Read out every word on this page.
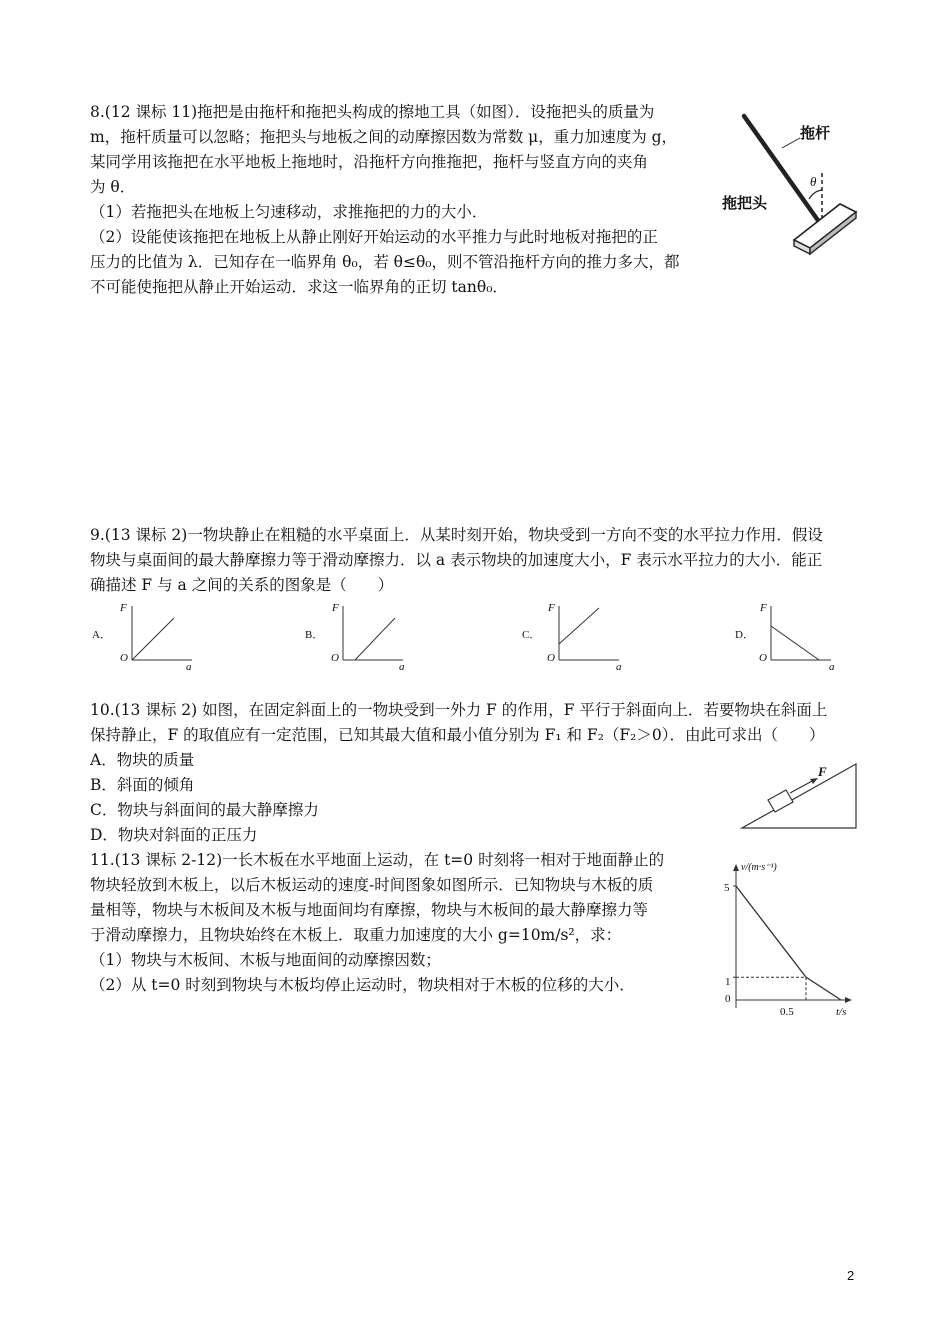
8.(12 课标 11)拖把是由拖杆和拖把头构成的擦地工具（如图）．设拖把头的质量为

m，拖杆质量可以忽略；拖把头与地板之间的动摩擦因数为常数 μ，重力加速度为 g，

某同学用该拖把在水平地板上拖地时，沿拖杆方向推拖把，拖杆与竖直方向的夹角

为 θ．

（1）若拖把头在地板上匀速移动，求推拖把的力的大小．

（2）设能使该拖把在地板上从静止刚好开始运动的水平推力与此时地板对拖把的正

压力的比值为 λ．已知存在一临界角 θ₀，若 θ≤θ₀，则不管沿拖杆方向的推力多大，都

不可能使拖把从静止开始运动．求这一临界角的正切 tanθ₀．

拖杆
拖把头
θ

9.(13 课标 2)一物块静止在粗糙的水平桌面上．从某时刻开始，物块受到一方向不变的水平拉力作用．假设

物块与桌面间的最大静摩擦力等于滑动摩擦力．以 a 表示物块的加速度大小，F 表示水平拉力的大小．能正

确描述 F 与 a 之间的关系的图象是（　　）

A．
F
a
O
B．
F
a
O
C．
F
a
O
D．
F
a
O

10.(13 课标 2) 如图，在固定斜面上的一物块受到一外力 F 的作用，F 平行于斜面向上．若要物块在斜面上

保持静止，F 的取值应有一定范围，已知其最大值和最小值分别为 F₁ 和 F₂（F₂＞0）．由此可求出（　　）

A．物块的质量

B．斜面的倾角

C．物块与斜面间的最大静摩擦力

D．物块对斜面的正压力

F

11.(13 课标 2-12)一长木板在水平地面上运动，在 t=0 时刻将一相对于地面静止的

物块轻放到木板上，以后木板运动的速度-时间图象如图所示．已知物块与木板的质

量相等，物块与木板间及木板与地面间均有摩擦，物块与木板间的最大静摩擦力等

于滑动摩擦力，且物块始终在木板上．取重力加速度的大小 g=10m/s²，求：

（1）物块与木板间、木板与地面间的动摩擦因数；

（2）从 t=0 时刻到物块与木板均停止运动时，物块相对于木板的位移的大小．

v/(m·s⁻¹)
t/s
5
1
0
0.5
2
